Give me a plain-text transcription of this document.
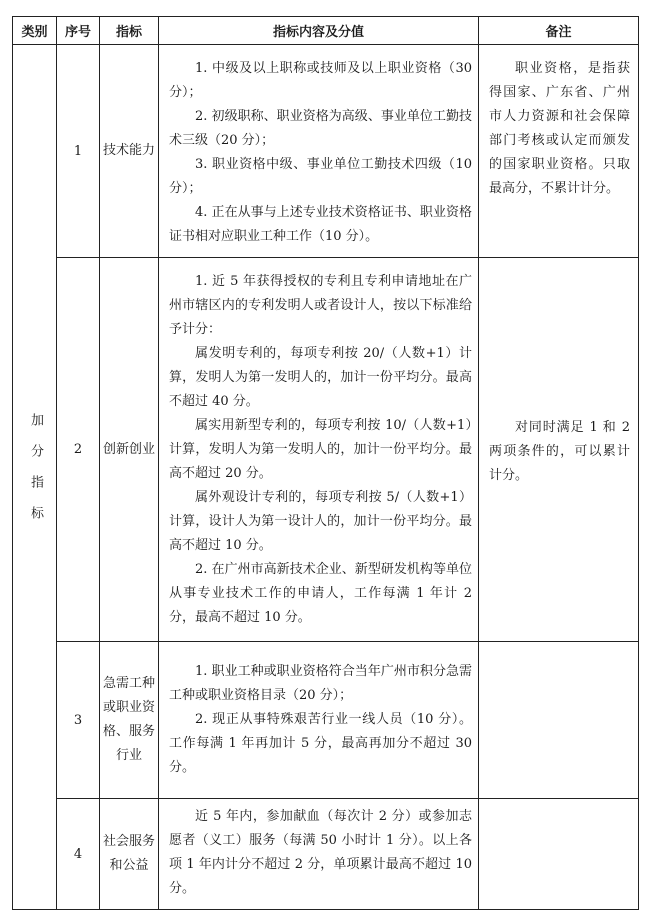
类别	序号	指标	指标内容及分值	备注
加分指标	1	技术能力	1. 中级及以上职称或技师及以上职业资格（30 分）；

2. 初级职称、职业资格为高级、事业单位工勤技术三级（20 分）；

3. 职业资格中级、事业单位工勤技术四级（10 分）；

4. 正在从事与上述专业技术资格证书、职业资格证书相对应职业工种工作（10 分）。	职业资格，是指获得国家、广东省、广州市人力资源和社会保障部门考核或认定而颁发的国家职业资格。只取最高分，不累计计分。

	2	创新创业	1. 近 5 年获得授权的专利且专利申请地址在广州市辖区内的专利发明人或者设计人，按以下标准给予计分：

属发明专利的，每项专利按 20/（人数+1）计算，发明人为第一发明人的，加计一份平均分。最高不超过 40 分。

属实用新型专利的，每项专利按 10/（人数+1）计算，发明人为第一发明人的，加计一份平均分。最高不超过 20 分。

属外观设计专利的，每项专利按 5/（人数+1）计算，设计人为第一设计人的，加计一份平均分。最高不超过 10 分。

2. 在广州市高新技术企业、新型研发机构等单位从事专业技术工作的申请人，工作每满 1 年计 2 分，最高不超过 10 分。	对同时满足 1 和 2 两项条件的，可以累计计分。

	3	急需工种或职业资格、服务行业	1. 职业工种或职业资格符合当年广州市积分急需工种或职业资格目录（20 分）；

2. 现正从事特殊艰苦行业一线人员（10 分）。工作每满 1 年再加计 5 分，最高再加分不超过 30 分。	

	4	社会服务和公益	近 5 年内，参加献血（每次计 2 分）或参加志愿者（义工）服务（每满 50 小时计 1 分）。以上各项 1 年内计分不超过 2 分，单项累计最高不超过 10 分。	
